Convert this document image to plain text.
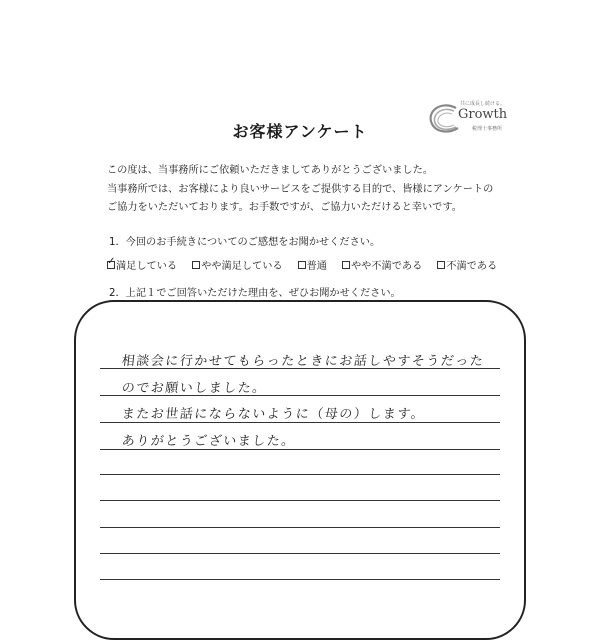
お客様アンケート
共に成長し続ける。
Growth
税理士事務所
この度は、当事務所にご依頼いただきましてありがとうございました。
当事務所では、お客様により良いサービスをご提供する目的で、皆様にアンケートの
ご協力をいただいております。お手数ですが、ご協力いただけると幸いです。
1．今回のお手続きについてのご感想をお聞かせください。
✓
満足している やや満足している 普通 やや不満である 不満である
2．上記１でご回答いただけた理由を、ぜひお聞かせください。
相談会に行かせてもらったときにお話しやすそうだった
のでお願いしました。
またお世話にならないように（母の）します。
ありがとうございました。
